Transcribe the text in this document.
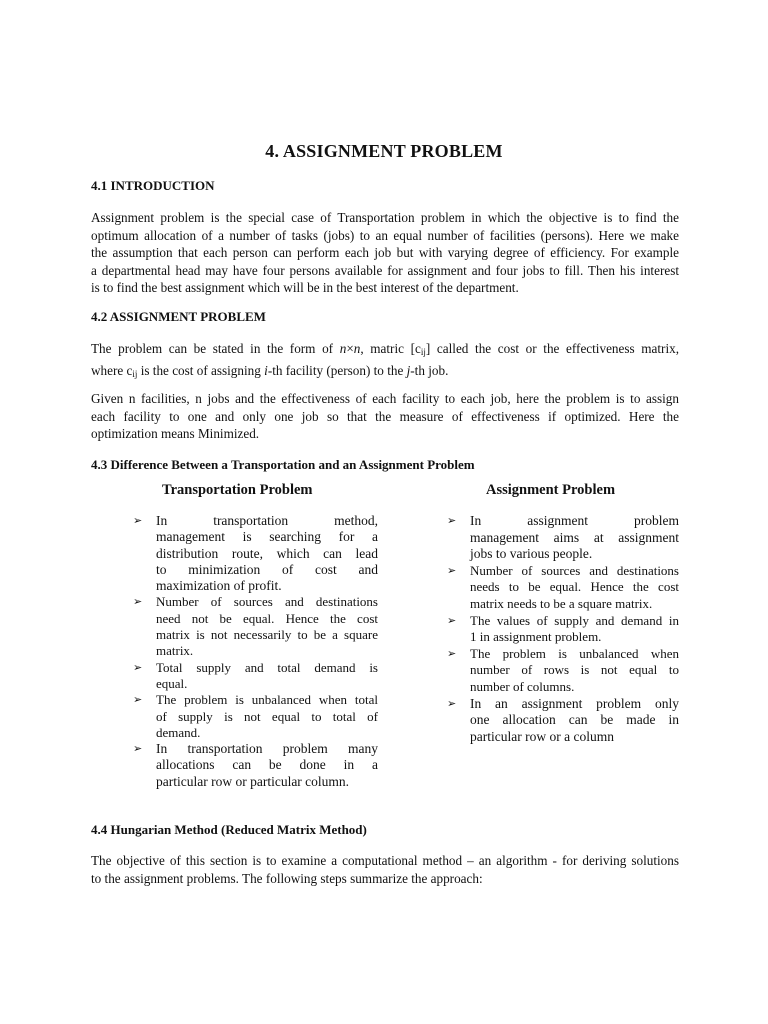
4. ASSIGNMENT PROBLEM
4.1 INTRODUCTION
Assignment problem is the special case of Transportation problem in which the objective is to find the
optimum allocation of a number of tasks (jobs) to an equal number of facilities (persons). Here we make
the assumption that each person can perform each job but with varying degree of efficiency. For example
a departmental head may have four persons available for assignment and four jobs to fill. Then his interest
is to find the best assignment which will be in the best interest of the department.
4.2 ASSIGNMENT PROBLEM
The problem can be stated in the form of n×n, matric $[c_{ij}]$ called the cost or the effectiveness matrix,
where $c_{ij}$ is the cost of assigning i-th facility (person) to the j-th job.
Given n facilities, n jobs and the effectiveness of each facility to each job, here the problem is to assign
each facility to one and only one job so that the measure of effectiveness if optimized. Here the
optimization means Minimized.
4.3 Difference Between a Transportation and an Assignment Problem
Transportation Problem	Assignment Problem
➢ In transportation method,
management is searching for a
distribution route, which can lead
to minimization of cost and
maximization of profit.
➢ Number of sources and destinations
need not be equal. Hence the cost
matrix is not necessarily to be a square
matrix.
➢ Total supply and total demand is
equal.
➢ The problem is unbalanced when total
of supply is not equal to total of
demand.
➢ In transportation problem many
allocations can be done in a
particular row or particular column.
➢ In assignment problem
management aims at assignment
jobs to various people.
➢ Number of sources and destinations
needs to be equal. Hence the cost
matrix needs to be a square matrix.
➢ The values of supply and demand in
1 in assignment problem.
➢ The problem is unbalanced when
number of rows is not equal to
number of columns.
➢ In an assignment problem only
one allocation can be made in
particular row or a column
4.4 Hungarian Method (Reduced Matrix Method)
The objective of this section is to examine a computational method – an algorithm - for deriving solutions
to the assignment problems. The following steps summarize the approach:
